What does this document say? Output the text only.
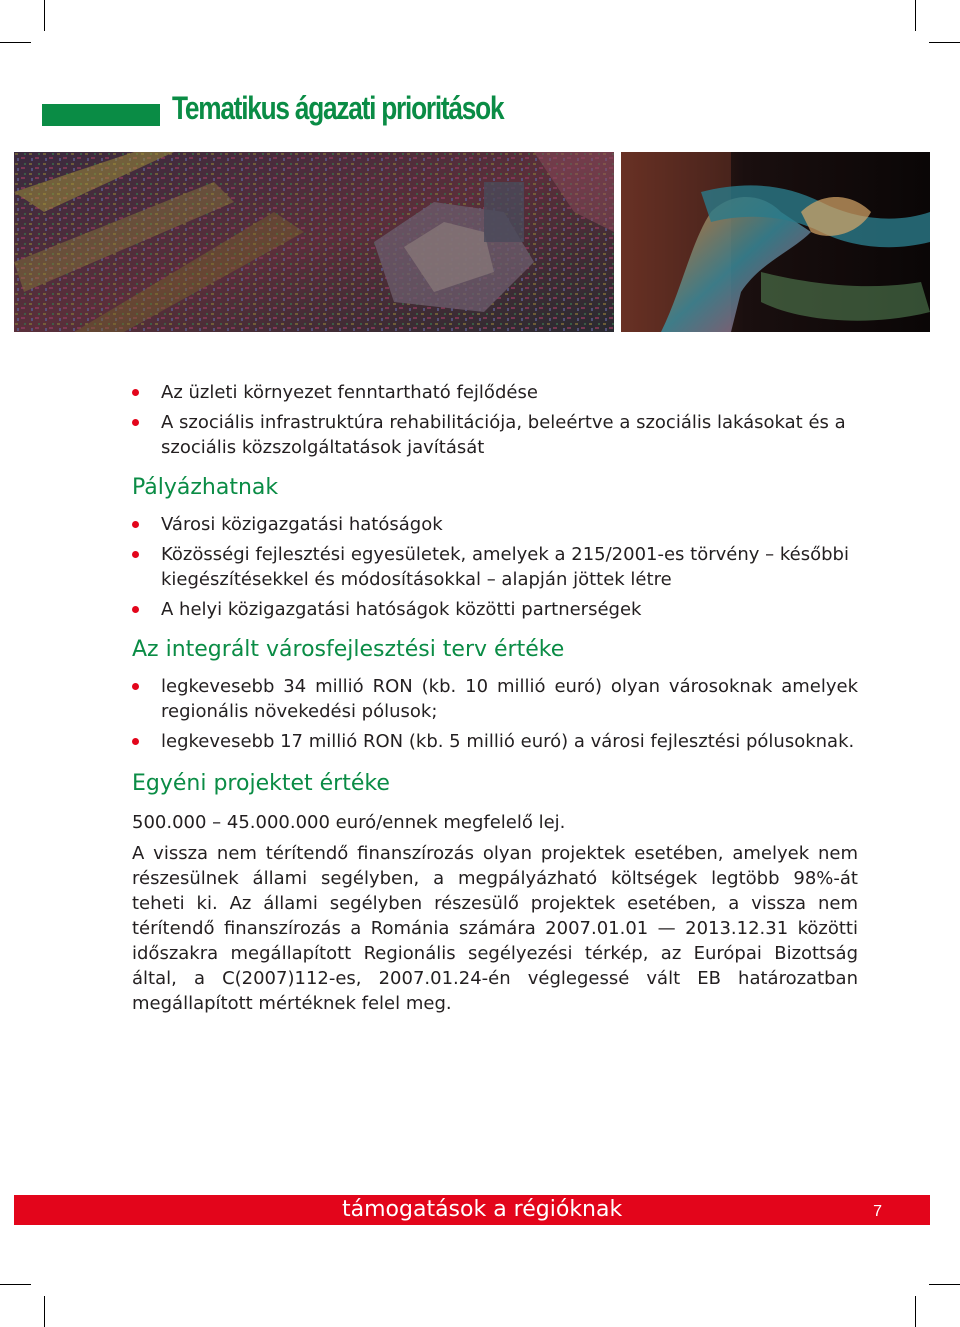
Tematikus ágazati prioritások
Az üzleti környezet fenntartható fejlődése
A szociális infrastruktúra rehabilitációja, beleértve a szociális lakásokat és a szociális közszolgáltatások javítását
Pályázhatnak
Városi közigazgatási hatóságok
Közösségi fejlesztési egyesületek, amelyek a 215/2001-es törvény – későbbi kiegészítésekkel és módosításokkal – alapján jöttek létre
A helyi közigazgatási hatóságok közötti partnerségek
Az integrált városfejlesztési terv értéke
legkevesebb 34 millió RON (kb. 10 millió euró) olyan városoknak amelyek regionális növekedési pólusok;
legkevesebb 17 millió RON (kb. 5 millió euró) a városi fejlesztési pólusoknak.
Egyéni projektet értéke

500.000 – 45.000.000 euró/ennek megfelelő lej.

A vissza nem térítendő finanszírozás olyan projektek esetében, amelyek nem részesülnek állami segélyben, a megpályázható költségek legtöbb 98%-át teheti ki. Az állami segélyben részesülő projektek esetében, a vissza nem térítendő finanszírozás a Románia számára 2007.01.01 — 2013.12.31 közötti időszakra megállapított Regionális segélyezési térkép, az Európai Bizottság által, a C(2007)112-es, 2007.01.24-én véglegessé vált EB határozatban megállapított mértéknek felel meg.

támogatások a régióknak	7
